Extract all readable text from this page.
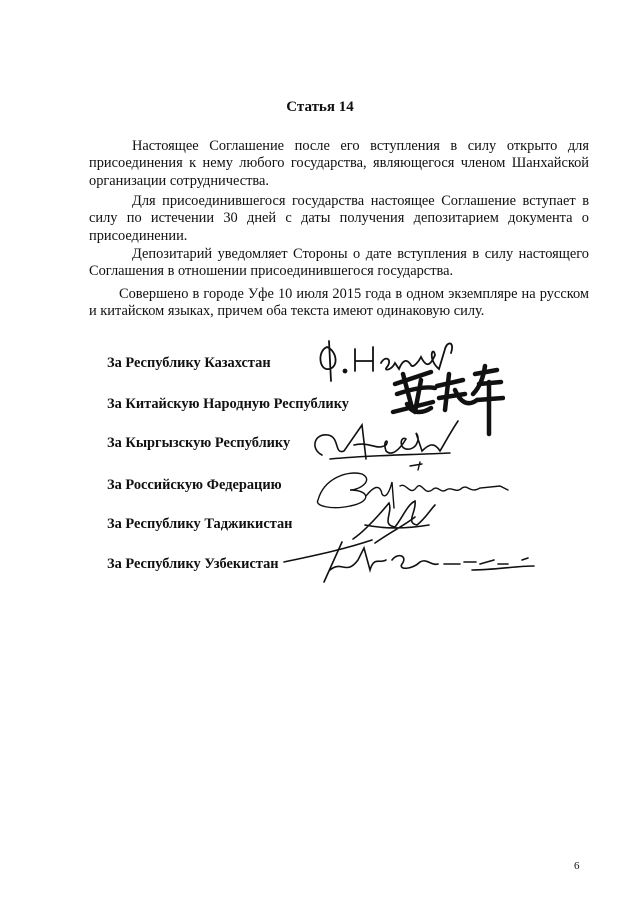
Статья 14

Настоящее Соглашение после его вступления в силу открыто для присоединения к нему любого государства, являющегося членом Шанхайской организации сотрудничества.

Для присоединившегося государства настоящее Соглашение вступает в силу по истечении 30 дней с даты получения депозитарием документа о присоединении.

Депозитарий уведомляет Стороны о дате вступления в силу настоящего Соглашения в отношении присоединившегося государства.

Совершено в городе Уфе 10 июля 2015 года в одном экземпляре на русском и китайском языках, причем оба текста имеют одинаковую силу.

За Республику Казахстан
За Китайскую Народную Республику
За Кыргызскую Республику
За Российскую Федерацию
За Республику Таджикистан
За Республику Узбекистан
6
